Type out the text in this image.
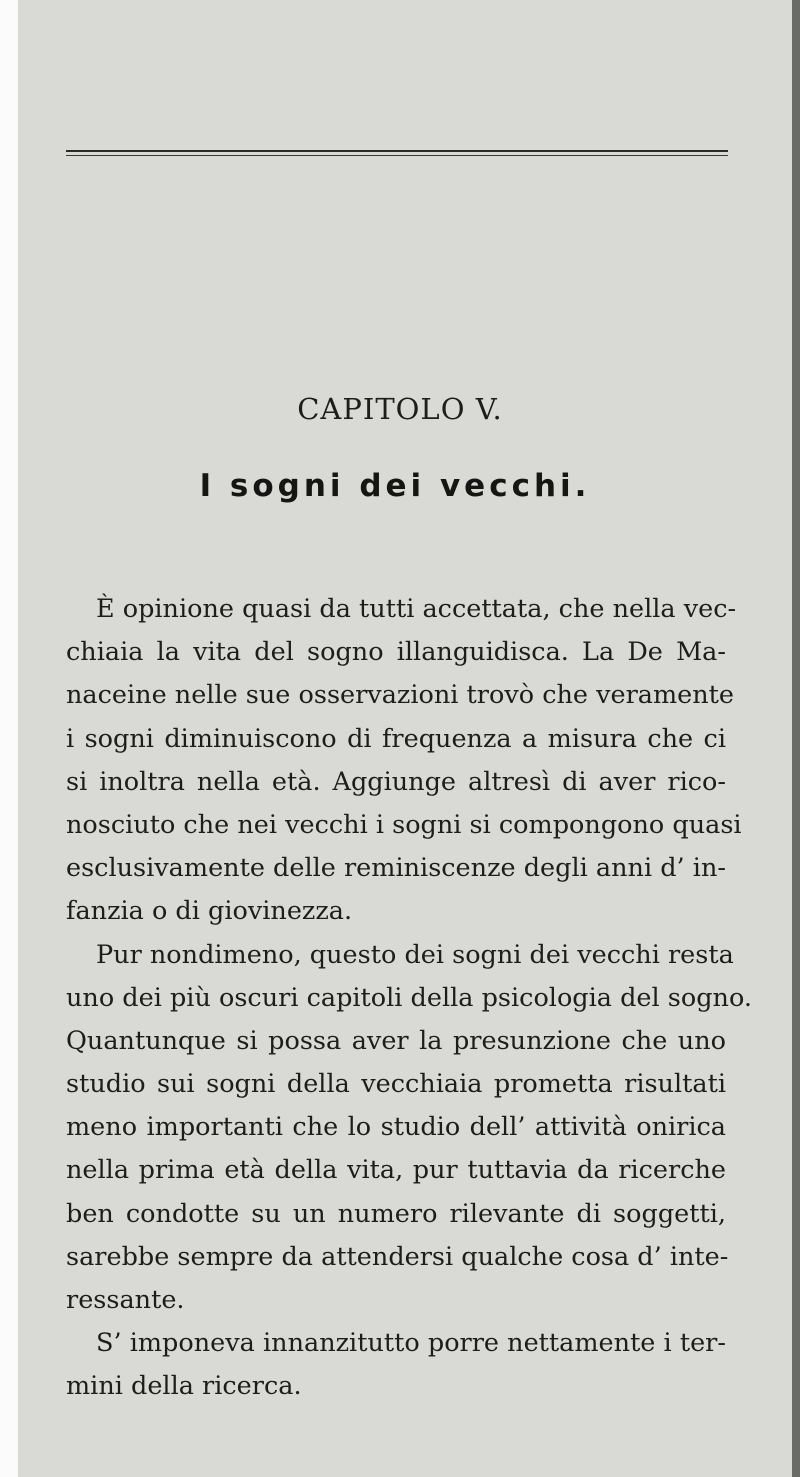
CAPITOLO V.
I sogni dei vecchi.
È opinione quasi da tutti accettata, che nella vec-
chiaia la vita del sogno illanguidisca. La De Ma-
naceine nelle sue osservazioni trovò che veramente
i sogni diminuiscono di frequenza a misura che ci
si inoltra nella età. Aggiunge altresì di aver rico-
nosciuto che nei vecchi i sogni si compongono quasi
esclusivamente delle reminiscenze degli anni d’ in-
fanzia o di giovinezza.
Pur nondimeno, questo dei sogni dei vecchi resta
uno dei più oscuri capitoli della psicologia del sogno.
Quantunque si possa aver la presunzione che uno
studio sui sogni della vecchiaia prometta risultati
meno importanti che lo studio dell’ attività onirica
nella prima età della vita, pur tuttavia da ricerche
ben condotte su un numero rilevante di soggetti,
sarebbe sempre da attendersi qualche cosa d’ inte-
ressante.
S’ imponeva innanzitutto porre nettamente i ter-
mini della ricerca.
